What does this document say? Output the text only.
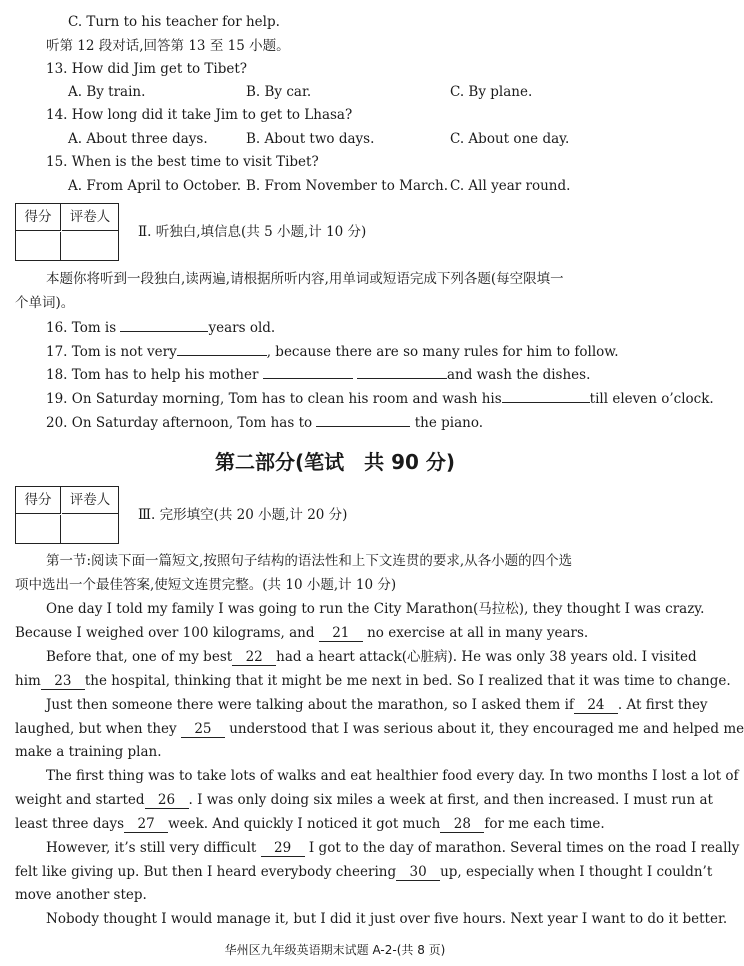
C. Turn to his teacher for help.
听第 12 段对话,回答第 13 至 15 小题。
13. How did Jim get to Tibet?
A. By train.	B. By car.	C. By plane.
14. How long did it take Jim to get to Lhasa?
A. About three days.	B. About two days.	C. About one day.
15. When is the best time to visit Tibet?
A. From April to October. B. From November to March. C. All year round.
得分	评卷人
Ⅱ. 听独白,填信息(共 5 小题,计 10 分)
本题你将听到一段独白,读两遍,请根据所听内容,用单词或短语完成下列各题(每空限填一
个单词)。
16. Tom is	years old.
17. Tom is not very	, because there are so many rules for him to follow.
18. Tom has to help his mother	and wash the dishes.
19. On Saturday morning, Tom has to clean his room and wash his	till eleven o’clock.
20. On Saturday afternoon, Tom has to	the piano.
第二部分(笔试　共 90 分)
得分	评卷人
Ⅲ. 完形填空(共 20 小题,计 20 分)
第一节:阅读下面一篇短文,按照句子结构的语法性和上下文连贯的要求,从各小题的四个选
项中选出一个最佳答案,使短文连贯完整。(共 10 小题,计 10 分)
One day I told my family I was going to run the City Marathon(马拉松), they thought I was crazy.
Because I weighed over 100 kilograms, and 21 no exercise at all in many years.
Before that, one of my best 22 had a heart attack(心脏病). He was only 38 years old. I visited
him 23 the hospital, thinking that it might be me next in bed. So I realized that it was time to change.
Just then someone there were talking about the marathon, so I asked them if 24 . At first they
laughed, but when they 25 understood that I was serious about it, they encouraged me and helped me
make a training plan.
The first thing was to take lots of walks and eat healthier food every day. In two months I lost a lot of
weight and started 26 . I was only doing six miles a week at first, and then increased. I must run at
least three days 27 week. And quickly I noticed it got much 28 for me each time.
However, it’s still very difficult 29 I got to the day of marathon. Several times on the road I really
felt like giving up. But then I heard everybody cheering 30 up, especially when I thought I couldn’t
move another step.
Nobody thought I would manage it, but I did it just over five hours. Next year I want to do it better.
华州区九年级英语期末试题 A-2-(共 8 页)
